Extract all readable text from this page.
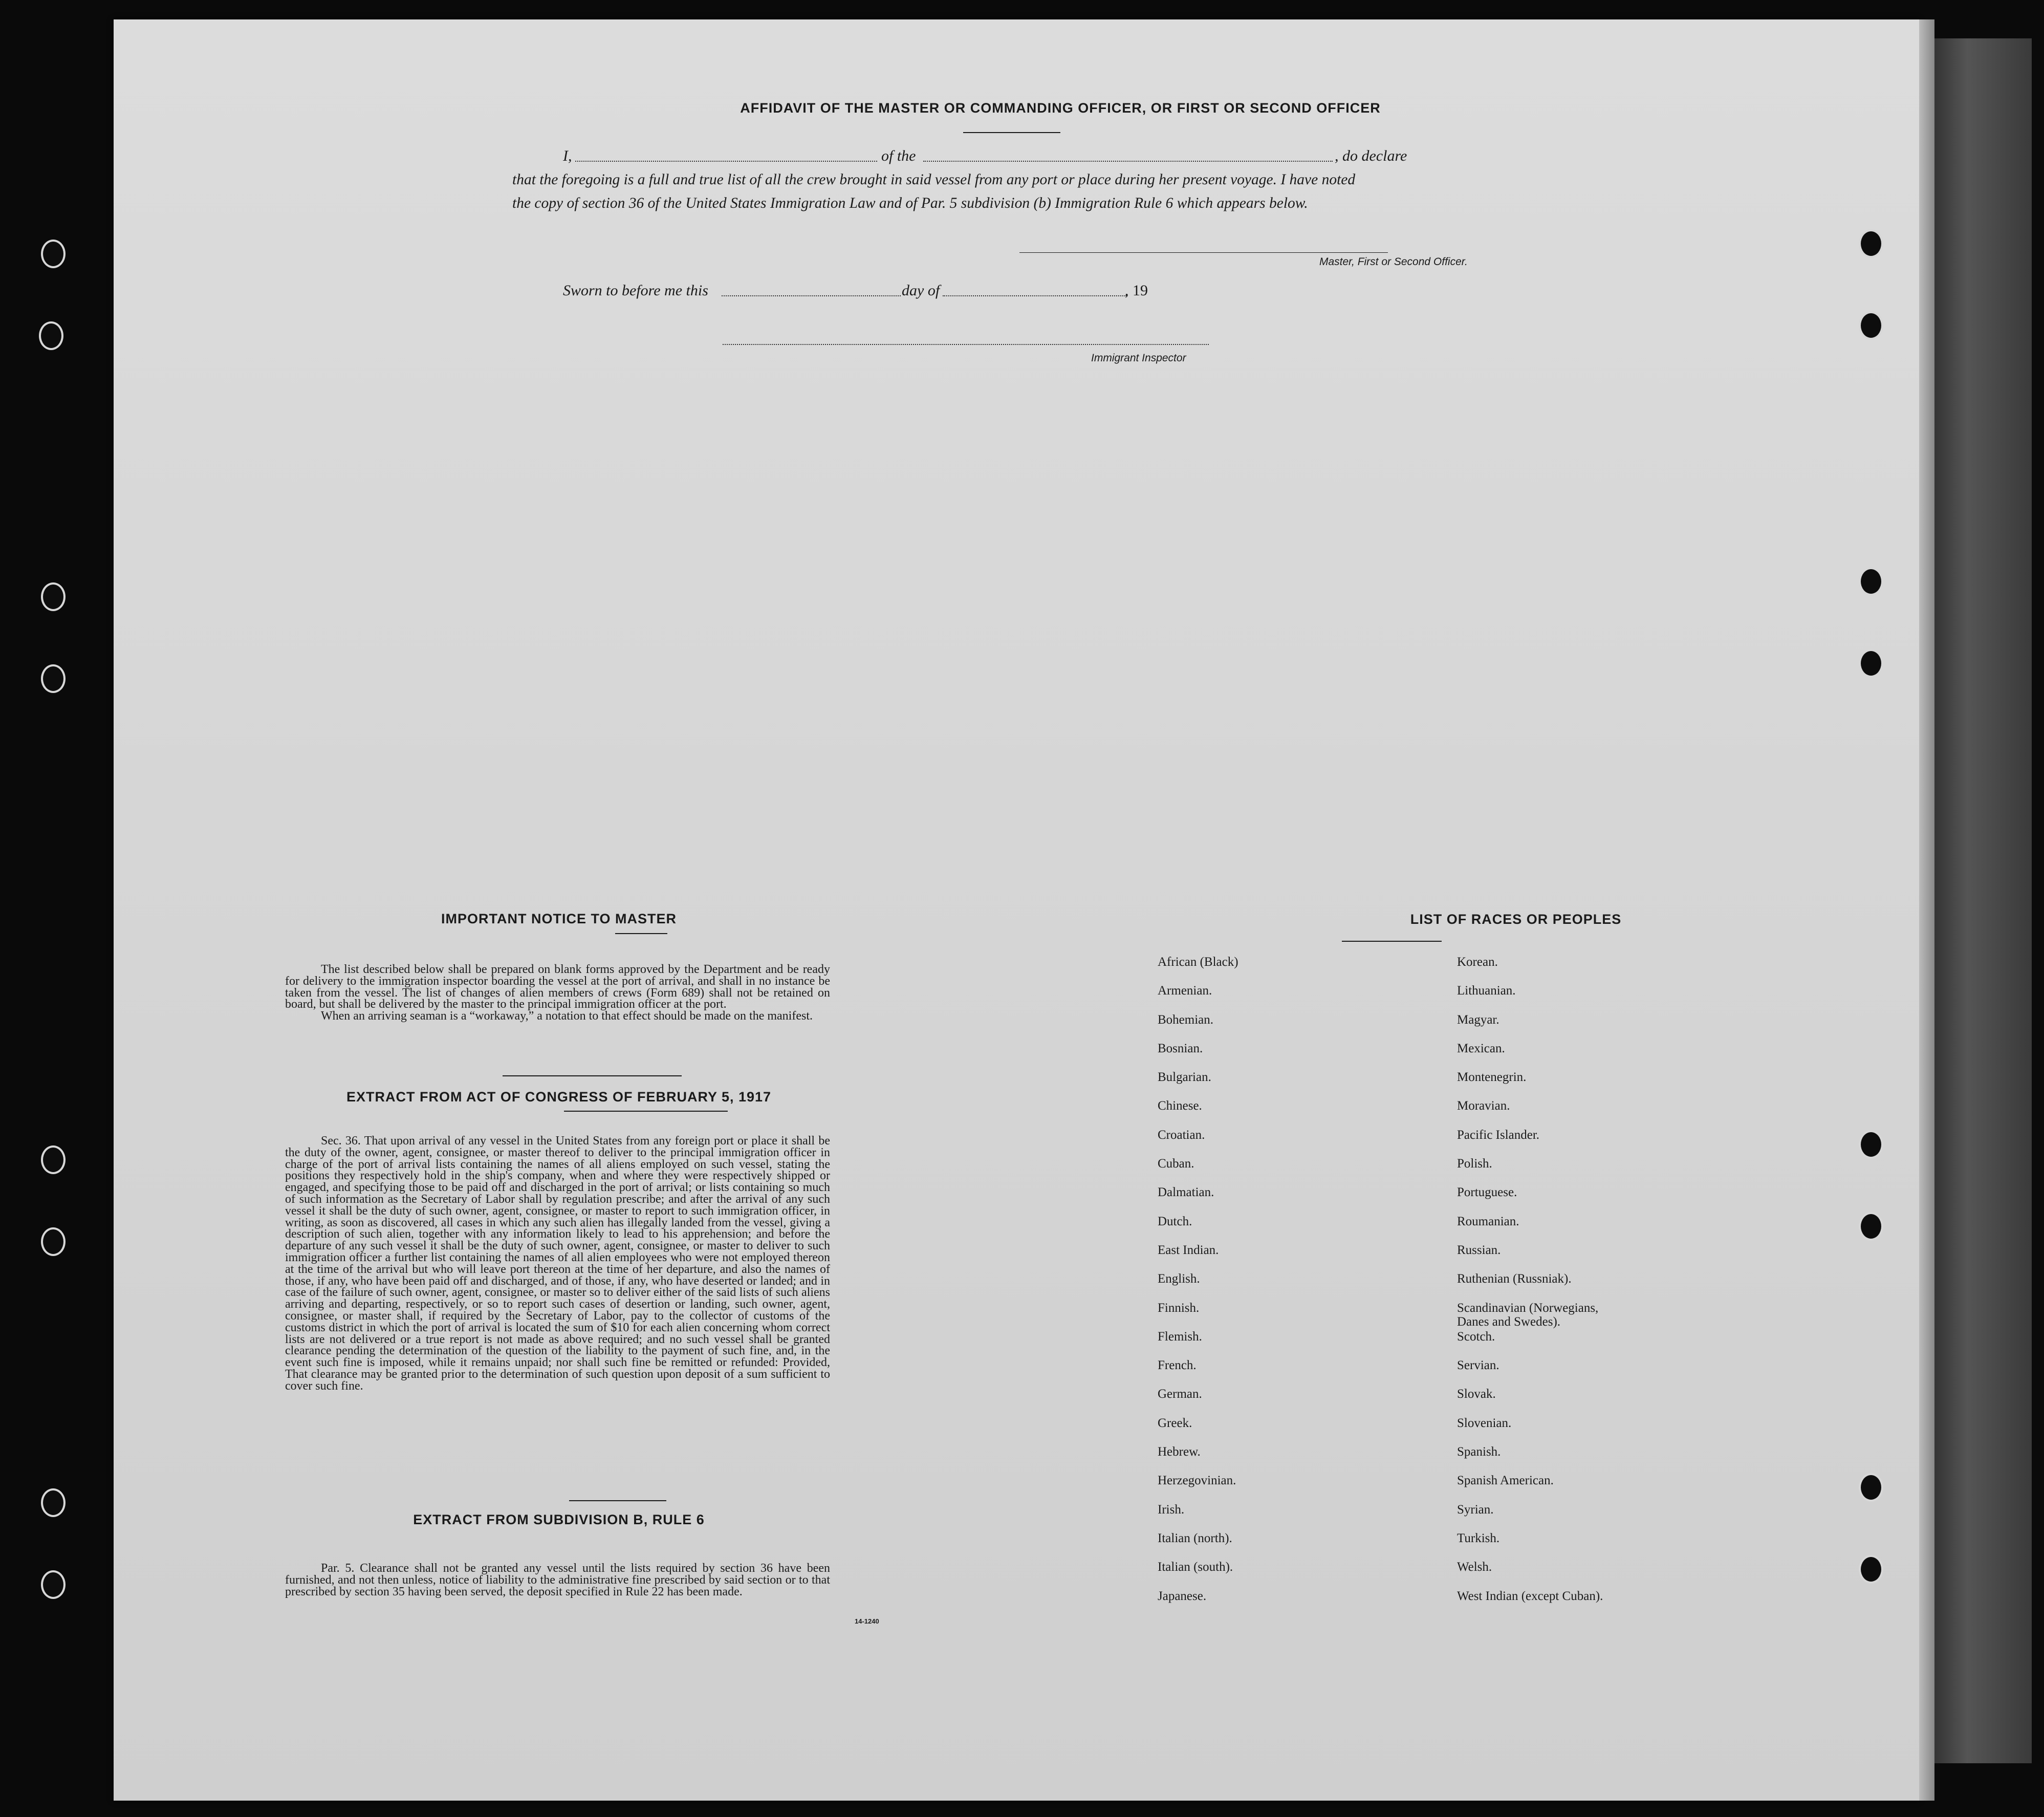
AFFIDAVIT OF THE MASTER OR COMMANDING OFFICER, OR FIRST OR SECOND OFFICER
I,	of the	, do declare
that the foregoing is a full and true list of all the crew brought in said vessel from any port or place during her present voyage. I have noted
the copy of section 36 of the United States Immigration Law and of Par. 5 subdivision (b) Immigration Rule 6 which appears below.
Master, First or Second Officer.
Sworn to before me this	day of	, 19
Immigrant Inspector
IMPORTANT NOTICE TO MASTER

The list described below shall be prepared on blank forms approved by the Department and be ready for delivery to the immigration inspector boarding the vessel at the port of arrival, and shall in no instance be taken from the vessel. The list of changes of alien members of crews (Form 689) shall not be retained on board, but shall be delivered by the master to the principal immigration officer at the port.

When an arriving seaman is a “workaway,” a notation to that effect should be made on the manifest.

EXTRACT FROM ACT OF CONGRESS OF FEBRUARY 5, 1917

Sec. 36. That upon arrival of any vessel in the United States from any foreign port or place it shall be the duty of the owner, agent, consignee, or master thereof to deliver to the principal immigration officer in charge of the port of arrival lists containing the names of all aliens employed on such vessel, stating the positions they respectively hold in the ship's company, when and where they were respectively shipped or engaged, and specifying those to be paid off and discharged in the port of arrival; or lists containing so much of such information as the Secretary of Labor shall by regulation prescribe; and after the arrival of any such vessel it shall be the duty of such owner, agent, consignee, or master to report to such immigration officer, in writing, as soon as discovered, all cases in which any such alien has illegally landed from the vessel, giving a description of such alien, together with any information likely to lead to his apprehension; and before the departure of any such vessel it shall be the duty of such owner, agent, consignee, or master to deliver to such immigration officer a further list containing the names of all alien employees who were not employed thereon at the time of the arrival but who will leave port thereon at the time of her departure, and also the names of those, if any, who have been paid off and discharged, and of those, if any, who have deserted or landed; and in case of the failure of such owner, agent, consignee, or master so to deliver either of the said lists of such aliens arriving and departing, respectively, or so to report such cases of desertion or landing, such owner, agent, consignee, or master shall, if required by the Secretary of Labor, pay to the collector of customs of the customs district in which the port of arrival is located the sum of $10 for each alien concerning whom correct lists are not delivered or a true report is not made as above required; and no such vessel shall be granted clearance pending the determination of the question of the liability to the payment of such fine, and, in the event such fine is imposed, while it remains unpaid; nor shall such fine be remitted or refunded: Provided, That clearance may be granted prior to the determination of such question upon deposit of a sum sufficient to cover such fine.

EXTRACT FROM SUBDIVISION B, RULE 6

Par. 5. Clearance shall not be granted any vessel until the lists required by section 36 have been furnished, and not then unless, notice of liability to the administrative fine prescribed by said section or to that prescribed by section 35 having been served, the deposit specified in Rule 22 has been made.

14-1240
LIST OF RACES OR PEOPLES
African (Black)
Armenian.
Bohemian.
Bosnian.
Bulgarian.
Chinese.
Croatian.
Cuban.
Dalmatian.
Dutch.
East Indian.
English.
Finnish.
Flemish.
French.
German.
Greek.
Hebrew.
Herzegovinian.
Irish.
Italian (north).
Italian (south).
Japanese.
Korean.
Lithuanian.
Magyar.
Mexican.
Montenegrin.
Moravian.
Pacific Islander.
Polish.
Portuguese.
Roumanian.
Russian.
Ruthenian (Russniak).
Scandinavian (Norwegians,
Danes and Swedes).
Scotch.
Servian.
Slovak.
Slovenian.
Spanish.
Spanish American.
Syrian.
Turkish.
Welsh.
West Indian (except Cuban).
